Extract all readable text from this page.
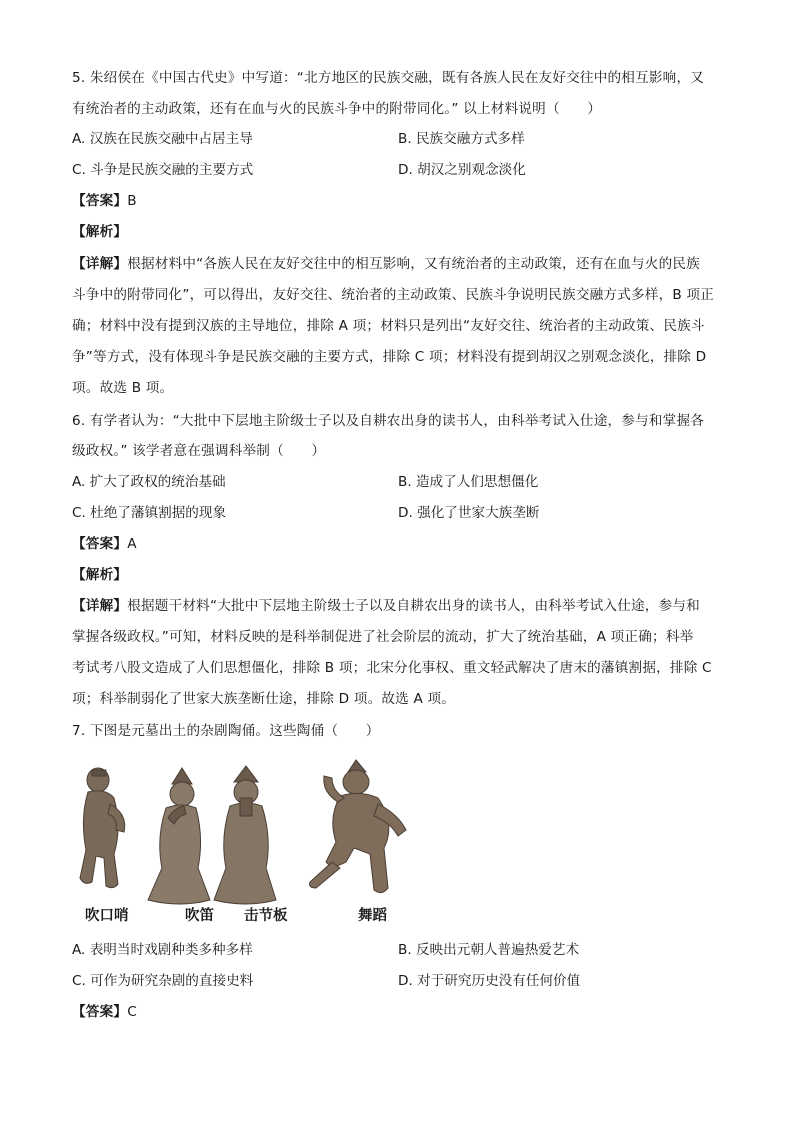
5. 朱绍侯在《中国古代史》中写道：“北方地区的民族交融，既有各族人民在友好交往中的相互影响，又
有统治者的主动政策，还有在血与火的民族斗争中的附带同化。” 以上材料说明（　　）
A. 汉族在民族交融中占居主导	B. 民族交融方式多样
C. 斗争是民族交融的主要方式	D. 胡汉之别观念淡化
【答案】B
【解析】
【详解】根据材料中“各族人民在友好交往中的相互影响，又有统治者的主动政策，还有在血与火的民族
斗争中的附带同化”，可以得出，友好交往、统治者的主动政策、民族斗争说明民族交融方式多样，B 项正
确；材料中没有提到汉族的主导地位，排除 A 项；材料只是列出“友好交往、统治者的主动政策、民族斗
争”等方式，没有体现斗争是民族交融的主要方式，排除 C 项；材料没有提到胡汉之别观念淡化，排除 D
项。故选 B 项。
6. 有学者认为：“大批中下层地主阶级士子以及自耕农出身的读书人，由科举考试入仕途，参与和掌握各
级政权。” 该学者意在强调科举制（　　）
A. 扩大了政权的统治基础	B. 造成了人们思想僵化
C. 杜绝了藩镇割据的现象	D. 强化了世家大族垄断
【答案】A
【解析】
【详解】根据题干材料“大批中下层地主阶级士子以及自耕农出身的读书人，由科举考试入仕途，参与和
掌握各级政权。”可知，材料反映的是科举制促进了社会阶层的流动，扩大了统治基础，A 项正确；科举
考试考八股文造成了人们思想僵化，排除 B 项；北宋分化事权、重文轻武解决了唐末的藩镇割据，排除 C
项；科举制弱化了世家大族垄断仕途，排除 D 项。故选 A 项。
7. 下图是元墓出土的杂剧陶俑。这些陶俑（　　）
吹口哨	吹笛 击节板	舞蹈
A. 表明当时戏剧种类多种多样	B. 反映出元朝人普遍热爱艺术
C. 可作为研究杂剧的直接史料	D. 对于研究历史没有任何价值
【答案】C
